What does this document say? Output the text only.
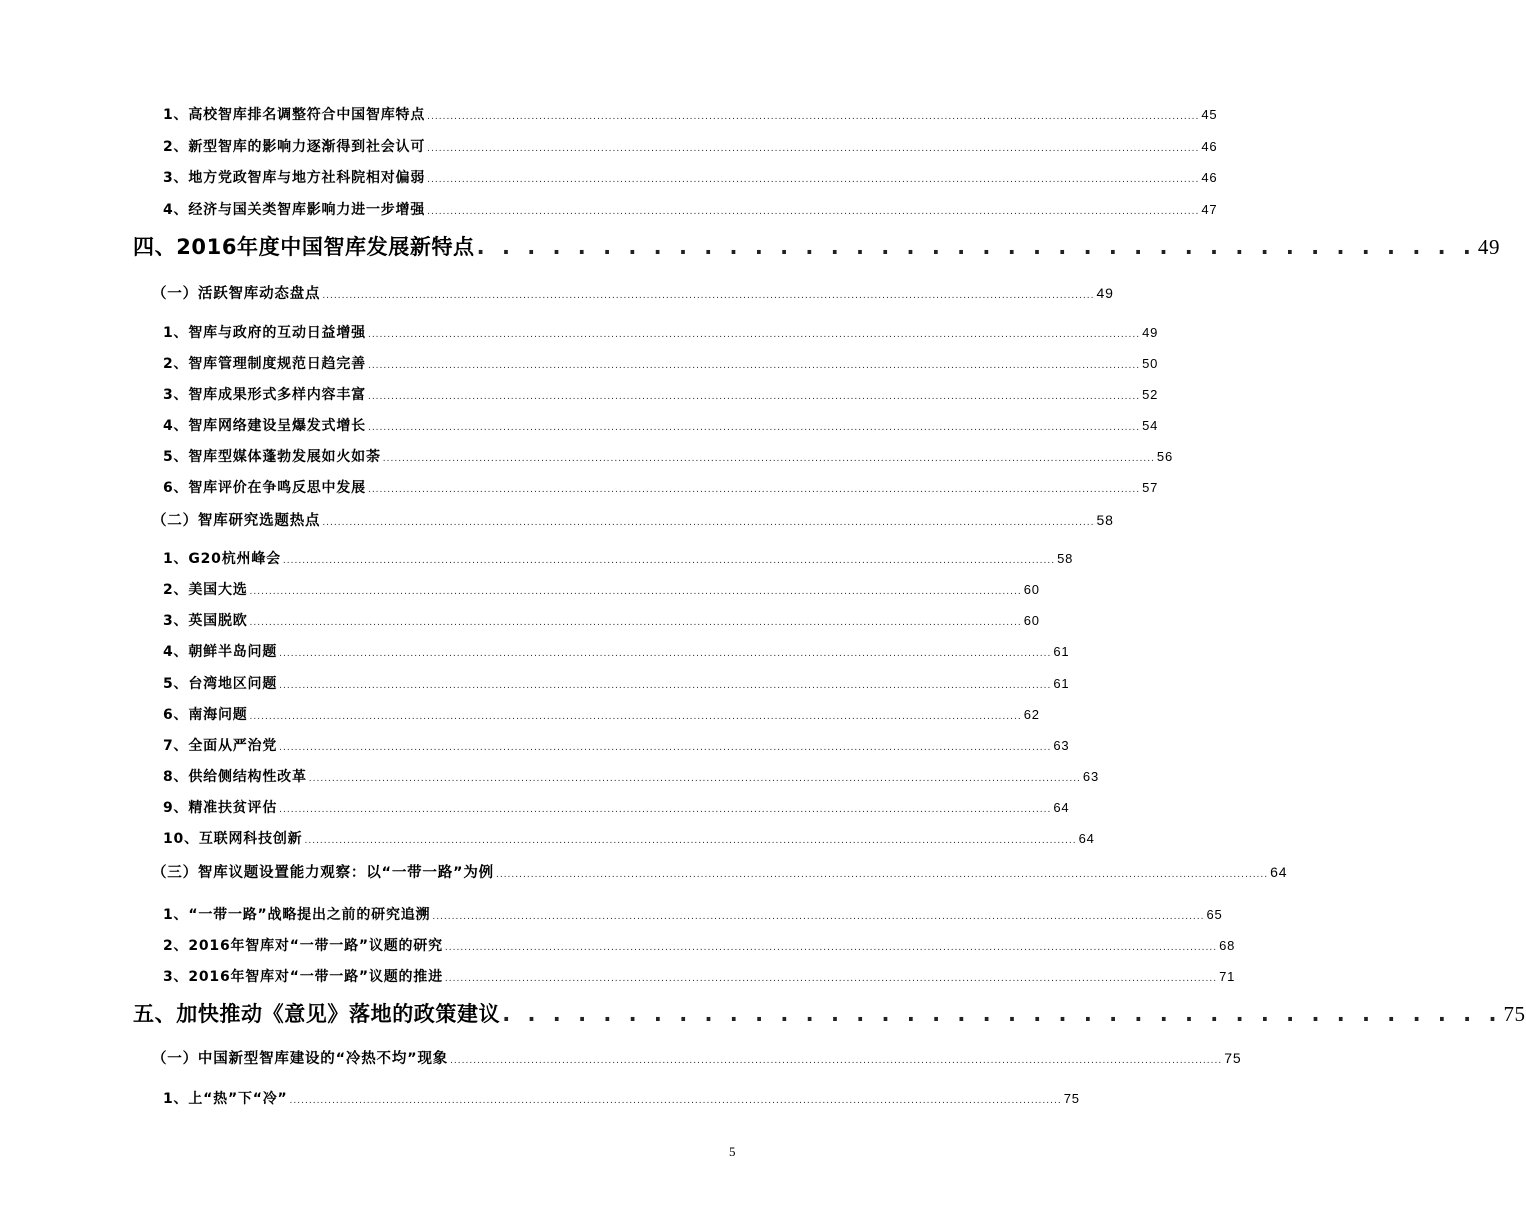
1、高校智库排名调整符合中国智库特点 ........................................................................................................................................................................................................ 45
2、新型智库的影响力逐渐得到社会认可 ........................................................................................................................................................................................................ 46
3、地方党政智库与地方社科院相对偏弱 ........................................................................................................................................................................................................ 46
4、经济与国关类智库影响力进一步增强 ........................................................................................................................................................................................................ 47
四、2016年度中国智库发展新特点 . . . . . . . . . . . . . . . . . . . . . . . . . . . . . . . . . . . . . . . . 49
（一）活跃智库动态盘点 ........................................................................................................................................................................................................ 49
1、智库与政府的互动日益增强 ........................................................................................................................................................................................................ 49
2、智库管理制度规范日趋完善 ........................................................................................................................................................................................................ 50
3、智库成果形式多样内容丰富 ........................................................................................................................................................................................................ 52
4、智库网络建设呈爆发式增长 ........................................................................................................................................................................................................ 54
5、智库型媒体蓬勃发展如火如荼 ........................................................................................................................................................................................................ 56
6、智库评价在争鸣反思中发展 ........................................................................................................................................................................................................ 57
（二）智库研究选题热点 ........................................................................................................................................................................................................ 58
1、G20杭州峰会 ........................................................................................................................................................................................................ 58
2、美国大选 ........................................................................................................................................................................................................ 60
3、英国脱欧 ........................................................................................................................................................................................................ 60
4、朝鲜半岛问题 ........................................................................................................................................................................................................ 61
5、台湾地区问题 ........................................................................................................................................................................................................ 61
6、南海问题 ........................................................................................................................................................................................................ 62
7、全面从严治党 ........................................................................................................................................................................................................ 63
8、供给侧结构性改革 ........................................................................................................................................................................................................ 63
9、精准扶贫评估 ........................................................................................................................................................................................................ 64
10、互联网科技创新 ........................................................................................................................................................................................................ 64
（三）智库议题设置能力观察：以“一带一路”为例 ........................................................................................................................................................................................................ 64
1、“一带一路”战略提出之前的研究追溯 ........................................................................................................................................................................................................ 65
2、2016年智库对“一带一路”议题的研究 ........................................................................................................................................................................................................ 68
3、2016年智库对“一带一路”议题的推进 ........................................................................................................................................................................................................ 71
五、加快推动《意见》落地的政策建议 . . . . . . . . . . . . . . . . . . . . . . . . . . . . . . . . . . . . . . . . 75
（一）中国新型智库建设的“冷热不均”现象 ........................................................................................................................................................................................................ 75
1、上“热”下“冷” ........................................................................................................................................................................................................ 75
5
